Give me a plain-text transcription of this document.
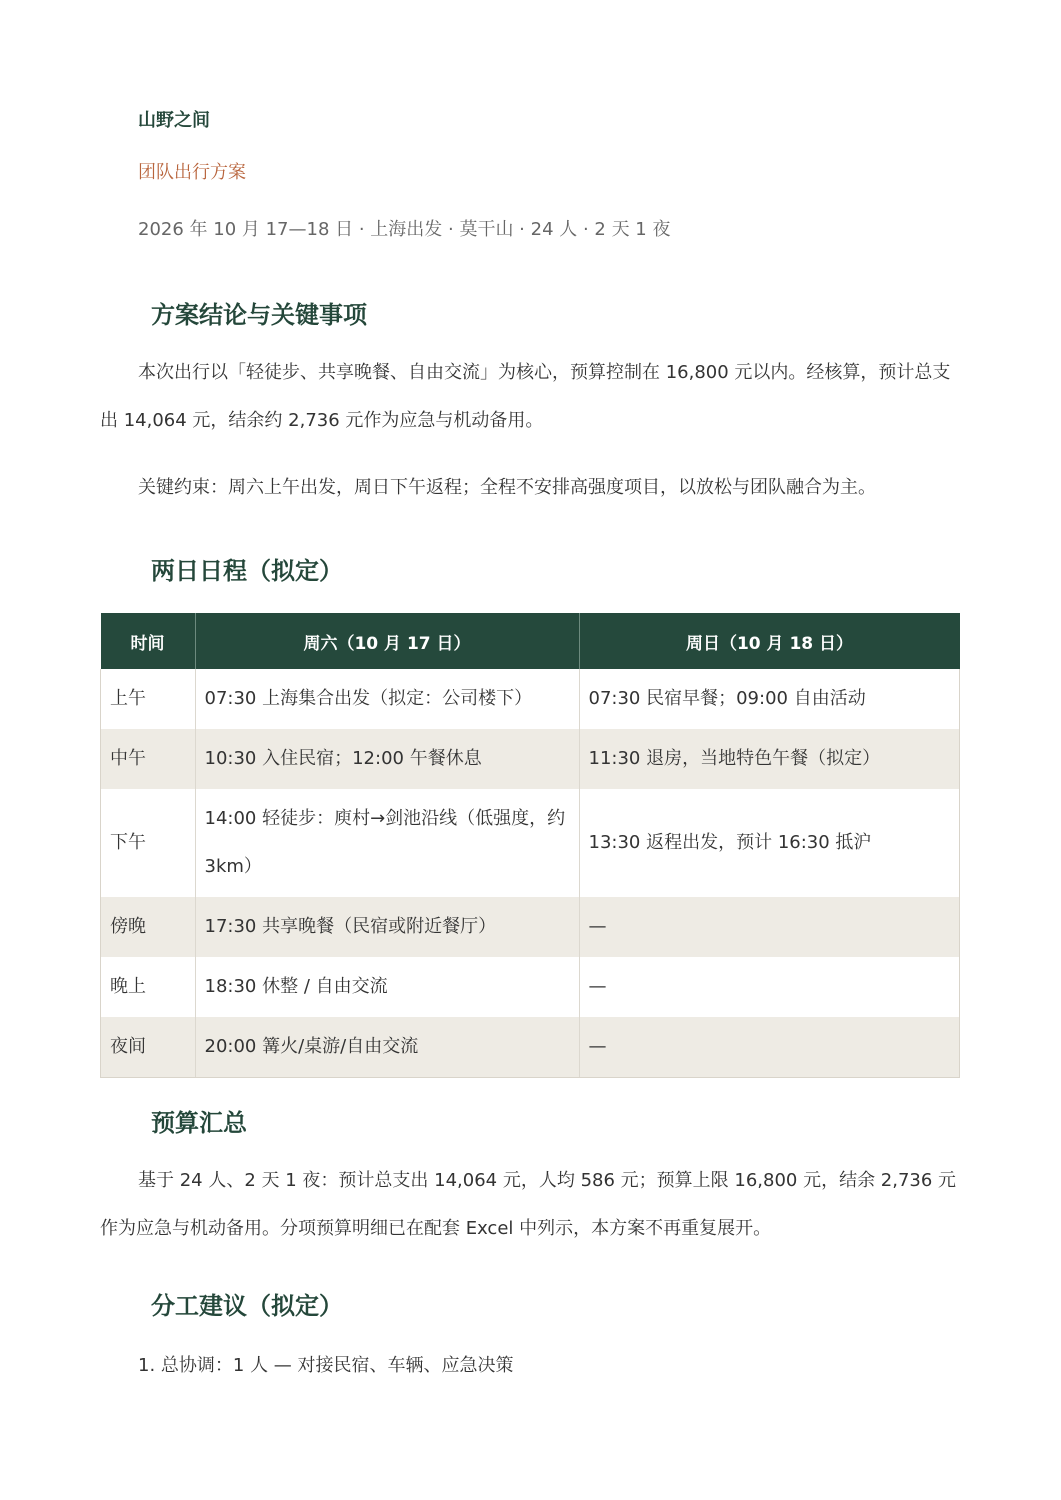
山野之间

团队出行方案

2026 年 10 月 17—18 日 · 上海出发 · 莫干山 · 24 人 · 2 天 1 夜

方案结论与关键事项

本次出行以「轻徒步、共享晚餐、自由交流」为核心，预算控制在 16,800 元以内。经核算，预计总支出 14,064 元，结余约 2,736 元作为应急与机动备用。

关键约束：周六上午出发，周日下午返程；全程不安排高强度项目，以放松与团队融合为主。

两日日程（拟定）
时间	周六（10 月 17 日）	周日（10 月 18 日）
上午	07:30 上海集合出发（拟定：公司楼下）	07:30 民宿早餐；09:00 自由活动
中午	10:30 入住民宿；12:00 午餐休息	11:30 退房，当地特色午餐（拟定）
下午	14:00 轻徒步：庾村→剑池沿线（低强度，约 3km）	13:30 返程出发，预计 16:30 抵沪
傍晚	17:30 共享晚餐（民宿或附近餐厅）	—
晚上	18:30 休整 / 自由交流	—
夜间	20:00 篝火/桌游/自由交流	—
预算汇总

基于 24 人、2 天 1 夜：预计总支出 14,064 元，人均 586 元；预算上限 16,800 元，结余 2,736 元作为应急与机动备用。分项预算明细已在配套 Excel 中列示，本方案不再重复展开。

分工建议（拟定）

1. 总协调：1 人 — 对接民宿、车辆、应急决策
